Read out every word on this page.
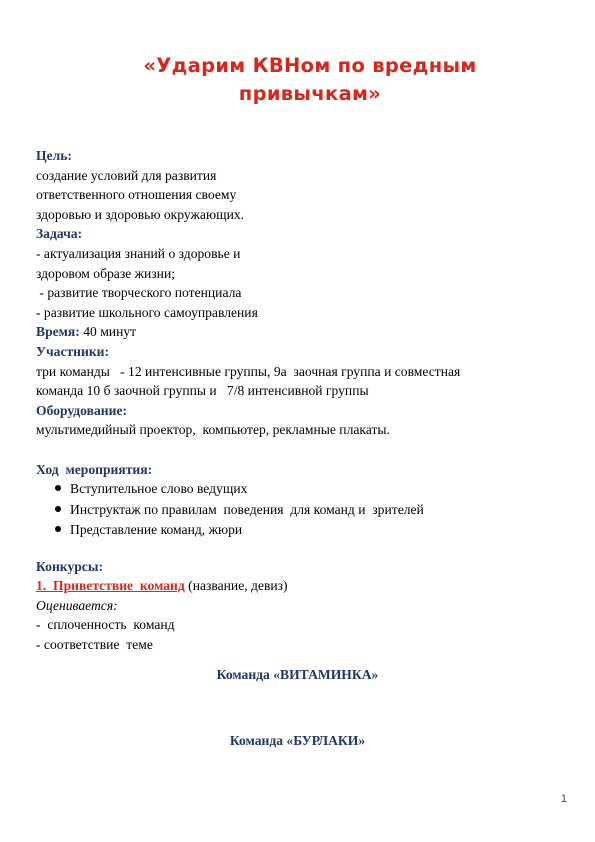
«Ударим КВНом по вредным
привычкам»
Цель:
создание условий для развития
ответственного отношения своему
здоровью и здоровью окружающих.
Задача:
- актуализация знаний о здоровье и
здоровом образе жизни;
- развитие творческого потенциала
- развитие школьного самоуправления
Время: 40 минут
Участники:
три команды   - 12 интенсивные группы, 9а  заочная группа и совместная
команда 10 б заочной группы и   7/8 интенсивной группы
Оборудование:
мультимедийный проектор,  компьютер, рекламные плакаты.
Ход  мероприятия:
Вступительное слово ведущих
Инструктаж по правилам  поведения  для команд и  зрителей
Представление команд, жюри
Конкурсы:
1.  Приветствие  команд (название, девиз)
Оценивается:
-  сплоченность  команд
- соответствие  теме
Команда «ВИТАМИНКА»
Команда «БУРЛАКИ»
1
